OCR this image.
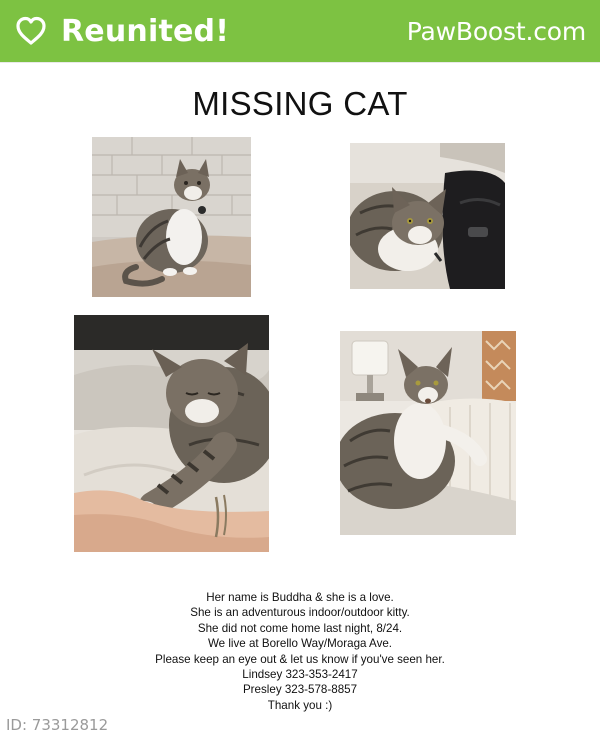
Reunited!	PawBoost.com
MISSING CAT
Her name is Buddha & she is a love.
She is an adventurous indoor/outdoor kitty.
She did not come home last night, 8/24.
We live at Borello Way/Moraga Ave.
Please keep an eye out & let us know if you've seen her.
Lindsey 323-353-2417
Presley 323-578-8857
Thank you :)
ID: 73312812
